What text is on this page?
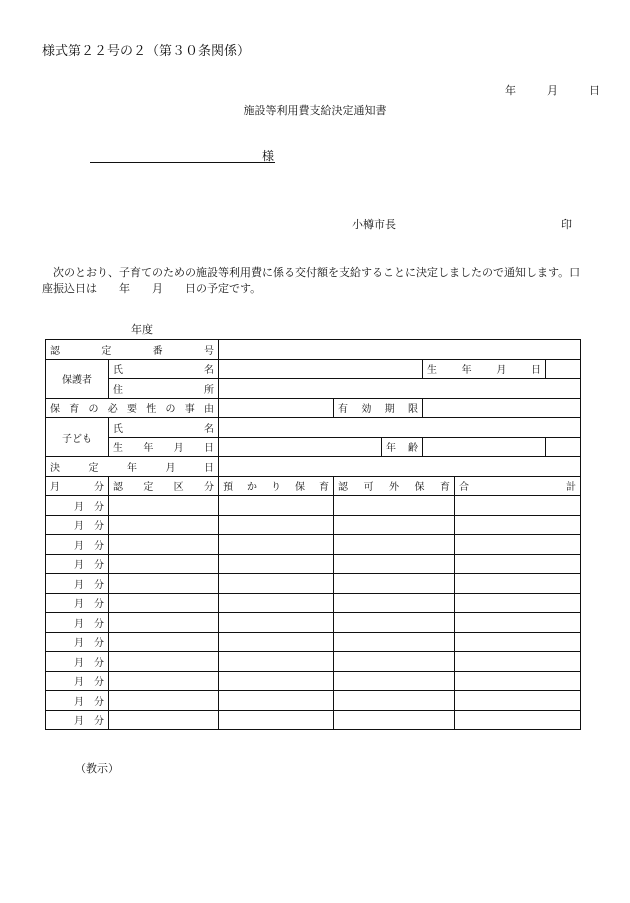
様式第２２号の２（第３０条関係）
年	月	日
施設等利用費支給決定通知書
様
小樽市長	印
　次のとおり、子育てのための施設等利用費に係る交付額を支給することに決定しましたので通知します。口座振込日は　　年　　月　　日の予定です。
年度
認　定　番　号							
保護者	氏　名				生年月日		
	住　所						
保育の必要性の事由			有効期限				
子ども	氏　名						
	生年月日			年齢			
決　定　年　月　日							
月　分	認定区分	預かり保育	認可外保育			合　計	
月　分							
月　分							
月　分							
月　分							
月　分							
月　分							
月　分							
月　分							
月　分							
月　分							
月　分							
月　分							
（教示）
